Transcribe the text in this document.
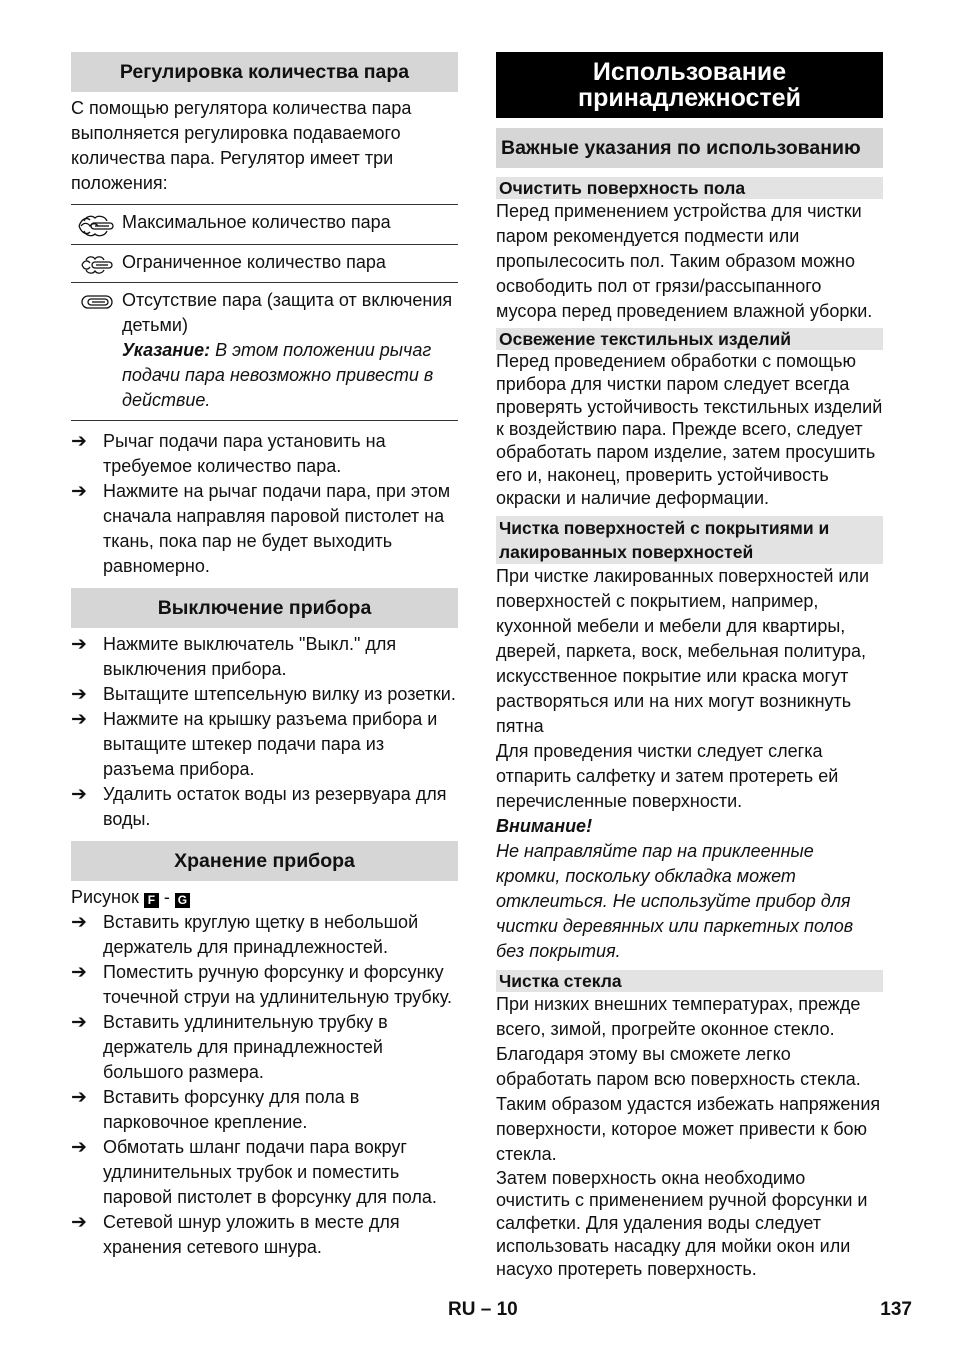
Регулировка количества пара
С помощью регулятора количества пара выполняется регулировка подаваемого количества пара. Регулятор имеет три положения:
Максимальное количество пара
Ограниченное количество пара
Отсутствие пара (защита от включения детьми)
Указание: В этом положении рычаг подачи пара невозможно привести в действие.
➔ Рычаг подачи пара установить на требуемое количество пара.
➔ Нажмите на рычаг подачи пара, при этом сначала направляя паровой пистолет на ткань, пока пар не будет выходить равномерно.
Выключение прибора
➔ Нажмите выключатель "Выкл." для выключения прибора.
➔ Вытащите штепсельную вилку из розетки.
➔ Нажмите на крышку разъема прибора и вытащите штекер подачи пара из разъема прибора.
➔ Удалить остаток воды из резервуара для воды.
Хранение прибора
Рисунок F - G
➔ Вставить круглую щетку в небольшой держатель для принадлежностей.
➔ Поместить ручную форсунку и форсунку точечной струи на удлинительную трубку.
➔ Вставить удлинительную трубку в держатель для принадлежностей большого размера.
➔ Вставить форсунку для пола в парковочное крепление.
➔ Обмотать шланг подачи пара вокруг удлинительных трубок и поместить паровой пистолет в форсунку для пола.
➔ Сетевой шнур уложить в месте для хранения сетевого шнура.
Использование
принадлежностей
Важные указания по использованию
Очистить поверхность пола
Перед применением устройства для чистки паром рекомендуется подмести или пропылесосить пол. Таким образом можно освободить пол от грязи/рассыпанного мусора перед проведением влажной уборки.
Освежение текстильных изделий
Перед проведением обработки с помощью прибора для чистки паром следует всегда проверять устойчивость текстильных изделий к воздействию пара. Прежде всего, следует обработать паром изделие, затем просушить его и, наконец, проверить устойчивость окраски и наличие деформации.
Чистка поверхностей с покрытиями и
лакированных поверхностей
При чистке лакированных поверхностей или поверхностей с покрытием, например, кухонной мебели и мебели для квартиры, дверей, паркета, воск, мебельная политура, искусственное покрытие или краска могут растворяться или на них могут возникнуть пятна
Для проведения чистки следует слегка отпарить салфетку и затем протереть ей перечисленные поверхности.
Внимание!
Не направляйте пар на приклеенные кромки, поскольку обкладка может отклеиться. Не используйте прибор для чистки деревянных или паркетных полов без покрытия.
Чистка стекла
При низких внешних температурах, прежде всего, зимой, прогрейте оконное стекло. Благодаря этому вы сможете легко обработать паром всю поверхность стекла. Таким образом удастся избежать напряжения поверхности, которое может привести к бою стекла.
Затем поверхность окна необходимо очистить с применением ручной форсунки и салфетки. Для удаления воды следует использовать насадку для мойки окон или насухо протереть поверхность.
RU – 10	137
